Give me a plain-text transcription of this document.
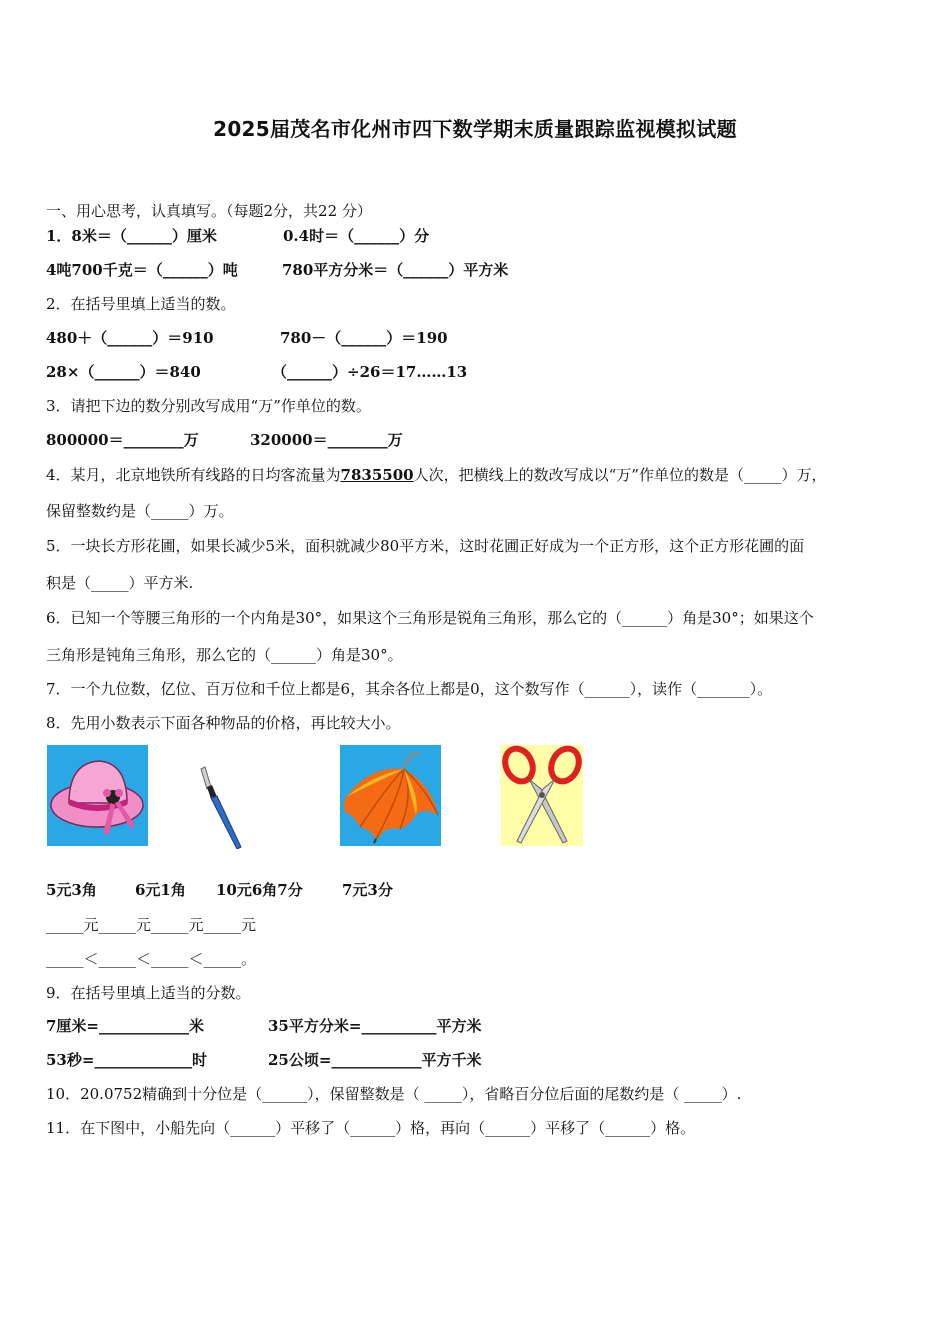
2025届茂名市化州市四下数学期末质量跟踪监视模拟试题
一、用心思考，认真填写。（每题2分，共22 分）
1．8米＝（______）厘米	0.4时＝（______）分
4吨700千克＝（______）吨	780平方分米＝（______）平方米
2．在括号里填上适当的数。
480＋（______）＝910	780－（______）＝190
28×（______）＝840	（______）÷26＝17……13
3．请把下边的数分别改写成用“万”作单位的数。
800000＝________万	320000＝________万
4．某月，北京地铁所有线路的日均客流量为7835500人次，把横线上的数改写成以“万”作单位的数是（_____）万，
保留整数约是（_____）万。
5．一块长方形花圃，如果长减少5米，面积就减少80平方米，这时花圃正好成为一个正方形，这个正方形花圃的面
积是（_____）平方米.
6．已知一个等腰三角形的一个内角是30°，如果这个三角形是锐角三角形，那么它的（______）角是30°；如果这个
三角形是钝角三角形，那么它的（______）角是30°。
7．一个九位数，亿位、百万位和千位上都是6，其余各位上都是0，这个数写作（______），读作（_______）。
8．先用小数表示下面各种物品的价格，再比较大小。
5元3角	6元1角 10元6角7分	7元3分
_____元_____元_____元_____元
_____＜_____＜_____＜_____。
9．在括号里填上适当的分数。
7厘米=____________米	35平方分米=__________平方米
53秒=_____________时	25公顷=____________平方千米
10．20.0752精确到十分位是（______），保留整数是（ _____），省略百分位后面的尾数约是（ _____）.
11．在下图中，小船先向（______）平移了（______）格，再向（______）平移了（______）格。
